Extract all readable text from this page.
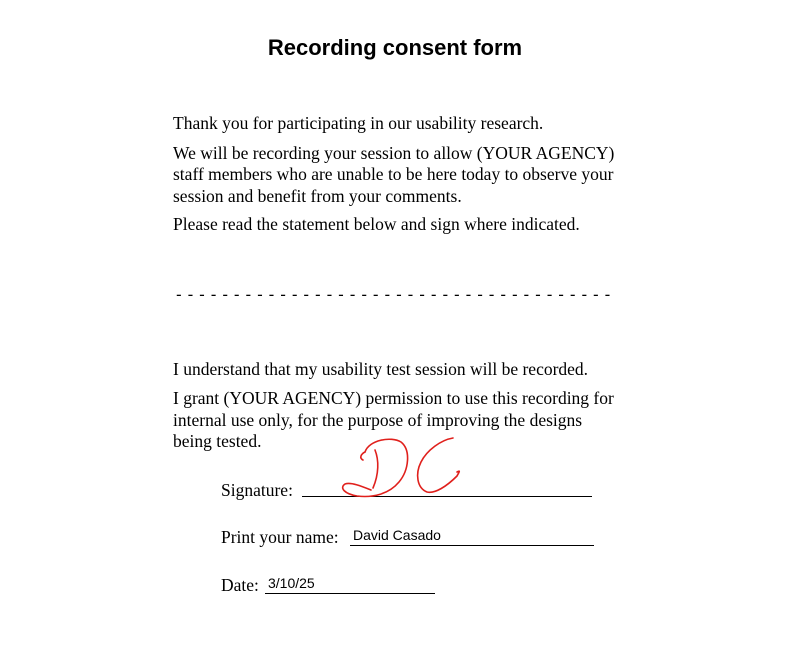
Recording consent form
Thank you for participating in our usability research.
We will be recording your session to allow (YOUR AGENCY)
staff members who are unable to be here today to observe your
session and benefit from your comments.
Please read the statement below and sign where indicated.
- - - - - - - - - - - - - - - - - - - - - - - - - - - - - - - - - - - - - -
I understand that my usability test session will be recorded.
I grant (YOUR AGENCY) permission to use this recording for
internal use only, for the purpose of improving the designs
being tested.
Signature:
Print your name: David Casado
Date: 3/10/25
